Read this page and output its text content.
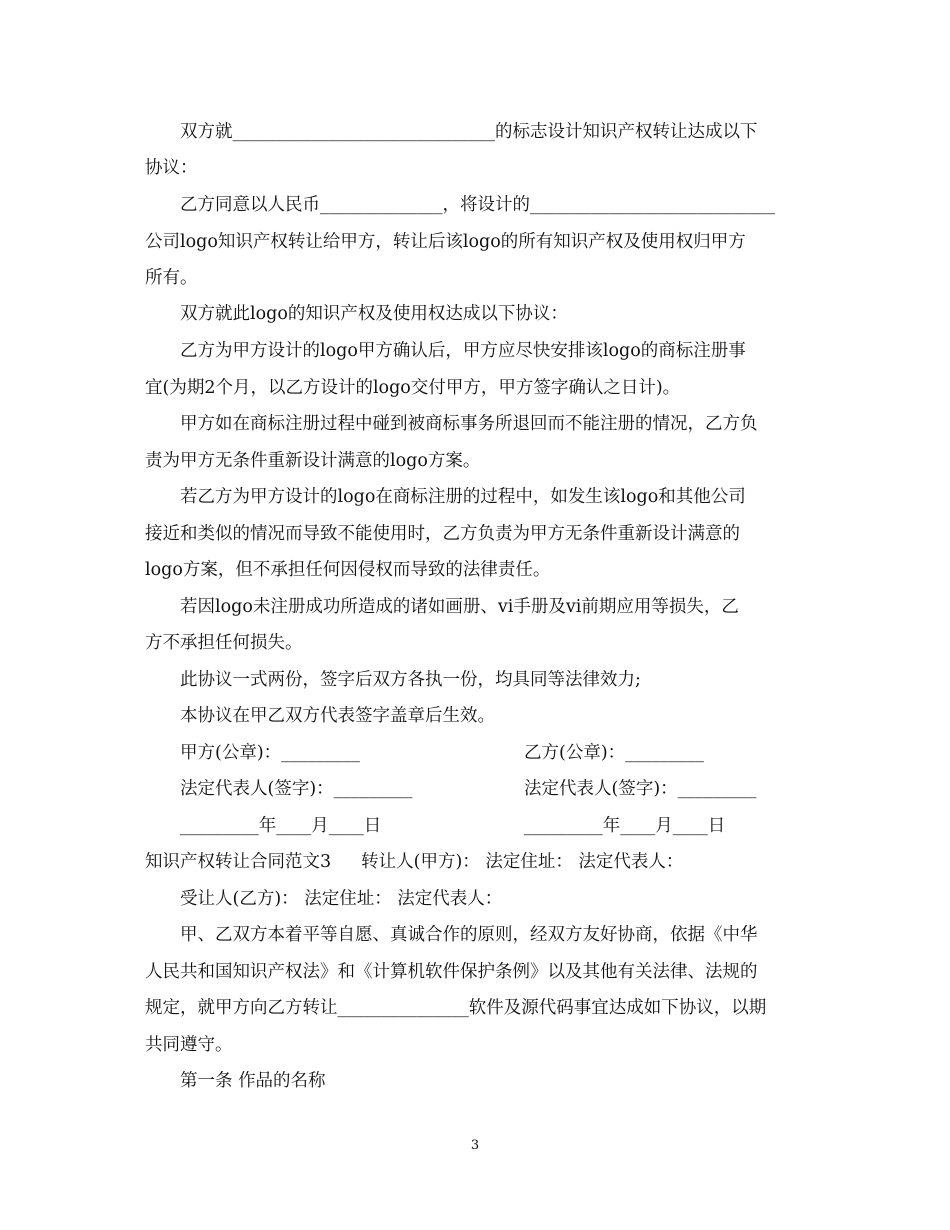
双方就______________________________的标志设计知识产权转让达成以下
协议：
乙方同意以人民币______________，将设计的____________________________
公司logo知识产权转让给甲方，转让后该logo的所有知识产权及使用权归甲方
所有。
双方就此logo的知识产权及使用权达成以下协议：
乙方为甲方设计的logo甲方确认后，甲方应尽快安排该logo的商标注册事
宜(为期2个月，以乙方设计的logo交付甲方，甲方签字确认之日计)。
甲方如在商标注册过程中碰到被商标事务所退回而不能注册的情况，乙方负
责为甲方无条件重新设计满意的logo方案。
若乙方为甲方设计的logo在商标注册的过程中，如发生该logo和其他公司
接近和类似的情况而导致不能使用时，乙方负责为甲方无条件重新设计满意的
logo方案，但不承担任何因侵权而导致的法律责任。
若因logo未注册成功所造成的诸如画册、vi手册及vi前期应用等损失，乙
方不承担任何损失。
此协议一式两份，签字后双方各执一份，均具同等法律效力;
本协议在甲乙双方代表签字盖章后生效。
甲方(公章)：_________	乙方(公章)：_________
法定代表人(签字)：_________	法定代表人(签字)：_________
_________年____月____日	_________年____月____日
知识产权转让合同范文3 转让人(甲方)： 法定住址： 法定代表人：
受让人(乙方)： 法定住址： 法定代表人：
甲、乙双方本着平等自愿、真诚合作的原则，经双方友好协商，依据《中华
人民共和国知识产权法》和《计算机软件保护条例》以及其他有关法律、法规的
规定，就甲方向乙方转让_______________软件及源代码事宜达成如下协议，以期
共同遵守。
第一条 作品的名称
3
